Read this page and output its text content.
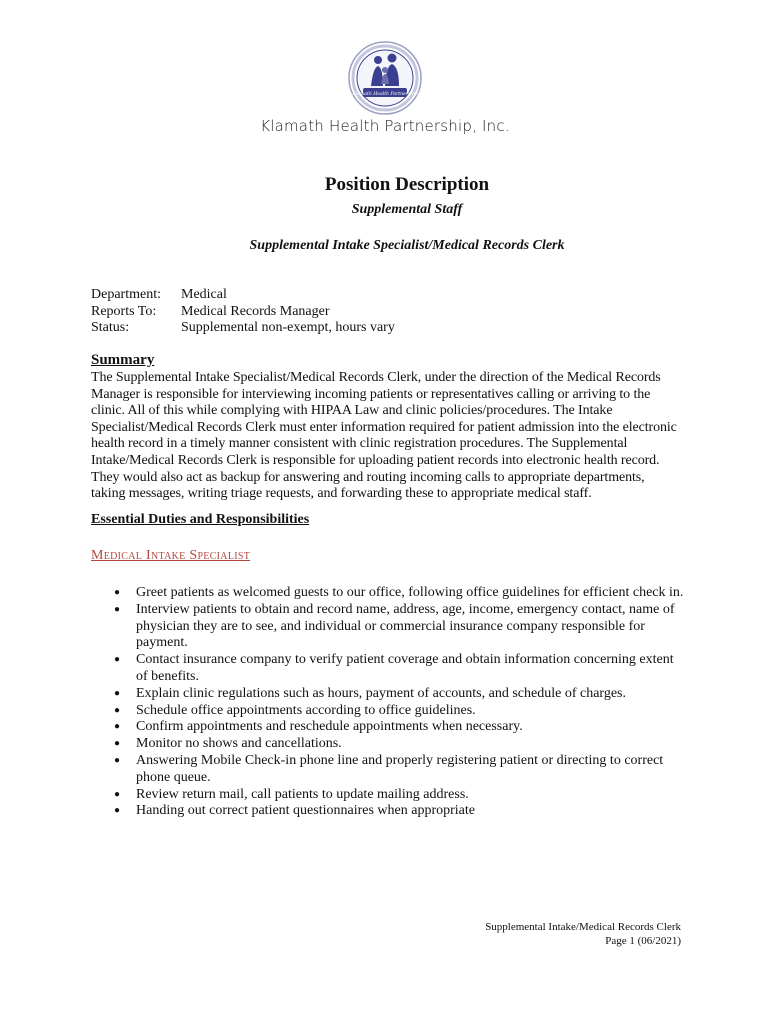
Klamath Health Partnership
Klamath Health Partnership, Inc.
Position Description
Supplemental Staff
Supplemental Intake Specialist/Medical Records Clerk
Department:	Medical
Reports To:	Medical Records Manager
Status:	Supplemental non-exempt, hours vary
Summary
The Supplemental Intake Specialist/Medical Records Clerk, under the direction of the Medical Records Manager is responsible for interviewing incoming patients or representatives calling or arriving to the clinic. All of this while complying with HIPAA Law and clinic policies/procedures. The Intake Specialist/Medical Records Clerk must enter information required for patient admission into the electronic health record in a timely manner consistent with clinic registration procedures. The Supplemental Intake/Medical Records Clerk is responsible for uploading patient records into electronic health record. They would also act as backup for answering and routing incoming calls to appropriate departments, taking messages, writing triage requests, and forwarding these to appropriate medical staff.
Essential Duties and Responsibilities
Medical Intake Specialist
● Greet patients as welcomed guests to our office, following office guidelines for efficient check in.
● Interview patients to obtain and record name, address, age, income, emergency contact, name of physician they are to see, and individual or commercial insurance company responsible for payment.
● Contact insurance company to verify patient coverage and obtain information concerning extent of benefits.
● Explain clinic regulations such as hours, payment of accounts, and schedule of charges.
● Schedule office appointments according to office guidelines.
● Confirm appointments and reschedule appointments when necessary.
● Monitor no shows and cancellations.
● Answering Mobile Check-in phone line and properly registering patient or directing to correct phone queue.
● Review return mail, call patients to update mailing address.
● Handing out correct patient questionnaires when appropriate
Supplemental Intake/Medical Records Clerk
Page 1 (06/2021)
